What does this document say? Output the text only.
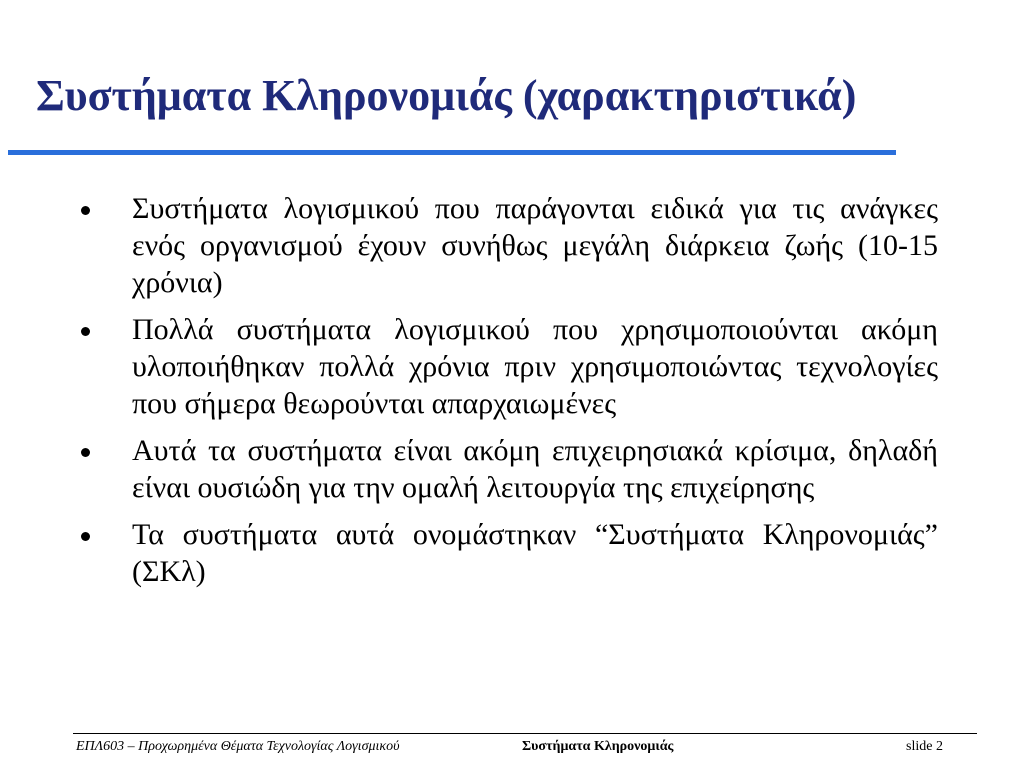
Συστήματα Κληρονομιάς (χαρακτηριστικά)
Συστήματα λογισμικού που παράγονται ειδικά για τις ανάγκες ενός οργανισμού έχουν συνήθως μεγάλη διάρκεια ζωής (10-15 χρόνια)
Πολλά συστήματα λογισμικού που χρησιμοποιούνται ακόμη υλοποιήθηκαν πολλά χρόνια πριν χρησιμοποιώντας τεχνολογίες που σήμερα θεωρούνται απαρχαιωμένες
Αυτά τα συστήματα είναι ακόμη επιχειρησιακά κρίσιμα, δηλαδή είναι ουσιώδη για την ομαλή λειτουργία της επιχείρησης
Τα συστήματα αυτά ονομάστηκαν “Συστήματα Κληρονομιάς” (ΣΚλ)
ΕΠΛ603 – Προχωρημένα Θέματα Τεχνολογίας Λογισμικού	Συστήματα Κληρονομιάς	slide 2
